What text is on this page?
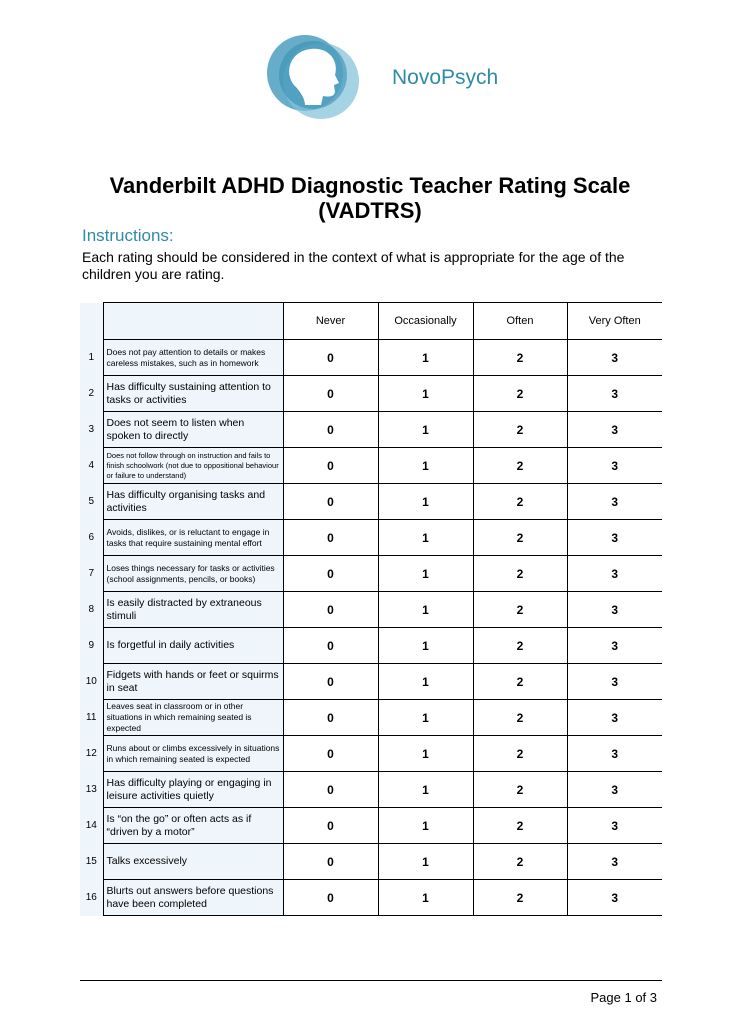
NovoPsych
Vanderbilt ADHD Diagnostic Teacher Rating Scale
(VADTRS)
Instructions:
Each rating should be considered in the context of what is appropriate for the age of the children you are rating.
		Never	Occasionally	Often	Very Often
1	Does not pay attention to details or makes careless mistakes, such as in homework	0	1	2	3
2	Has difficulty sustaining attention to tasks or activities	0	1	2	3
3	Does not seem to listen when spoken to directly	0	1	2	3
4	Does not follow through on instruction and fails to finish schoolwork (not due to oppositional behaviour or failure to understand)	0	1	2	3
5	Has difficulty organising tasks and activities	0	1	2	3
6	Avoids, dislikes, or is reluctant to engage in tasks that require sustaining mental effort	0	1	2	3
7	Loses things necessary for tasks or activities (school assignments, pencils, or books)	0	1	2	3
8	Is easily distracted by extraneous stimuli	0	1	2	3
9	Is forgetful in daily activities	0	1	2	3
10	Fidgets with hands or feet or squirms in seat	0	1	2	3
11	Leaves seat in classroom or in other situations in which remaining seated is expected	0	1	2	3
12	Runs about or climbs excessively in situations in which remaining seated is expected	0	1	2	3
13	Has difficulty playing or engaging in leisure activities quietly	0	1	2	3
14	Is “on the go” or often acts as if “driven by a motor”	0	1	2	3
15	Talks excessively	0	1	2	3
16	Blurts out answers before questions have been completed	0	1	2	3
Page 1 of 3
